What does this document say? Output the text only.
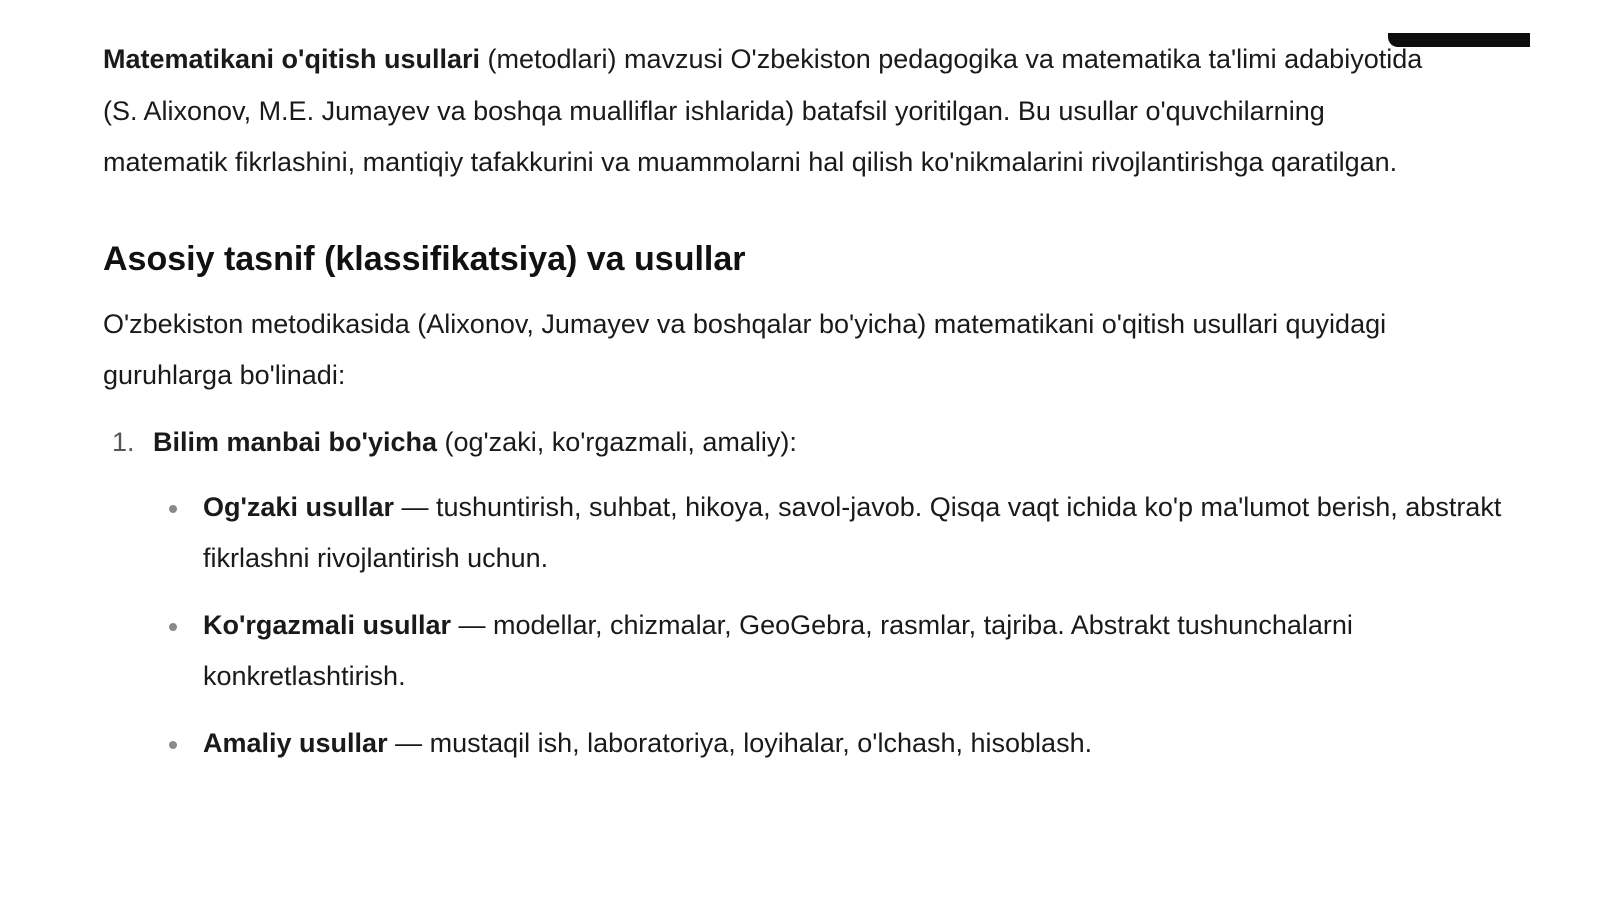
Matematikani o'qitish usullari (metodlari) mavzusi O'zbekiston pedagogika va matematika ta'limi adabiyotida (S. Alixonov, M.E. Jumayev va boshqa mualliflar ishlarida) batafsil yoritilgan. Bu usullar o'quvchilarning matematik fikrlashini, mantiqiy tafakkurini va muammolarni hal qilish ko'nikmalarini rivojlantirishga qaratilgan.

Asosiy tasnif (klassifikatsiya) va usullar

O'zbekiston metodikasida (Alixonov, Jumayev va boshqalar bo'yicha) matematikani o'qitish usullari quyidagi guruhlarga bo'linadi:

1. Bilim manbai bo'yicha (og'zaki, ko'rgazmali, amaliy):
Og'zaki usullar — tushuntirish, suhbat, hikoya, savol-javob. Qisqa vaqt ichida ko'p ma'lumot berish, abstrakt fikrlashni rivojlantirish uchun.
Ko'rgazmali usullar — modellar, chizmalar, GeoGebra, rasmlar, tajriba. Abstrakt tushunchalarni konkretlashtirish.
Amaliy usullar — mustaqil ish, laboratoriya, loyihalar, o'lchash, hisoblash.
